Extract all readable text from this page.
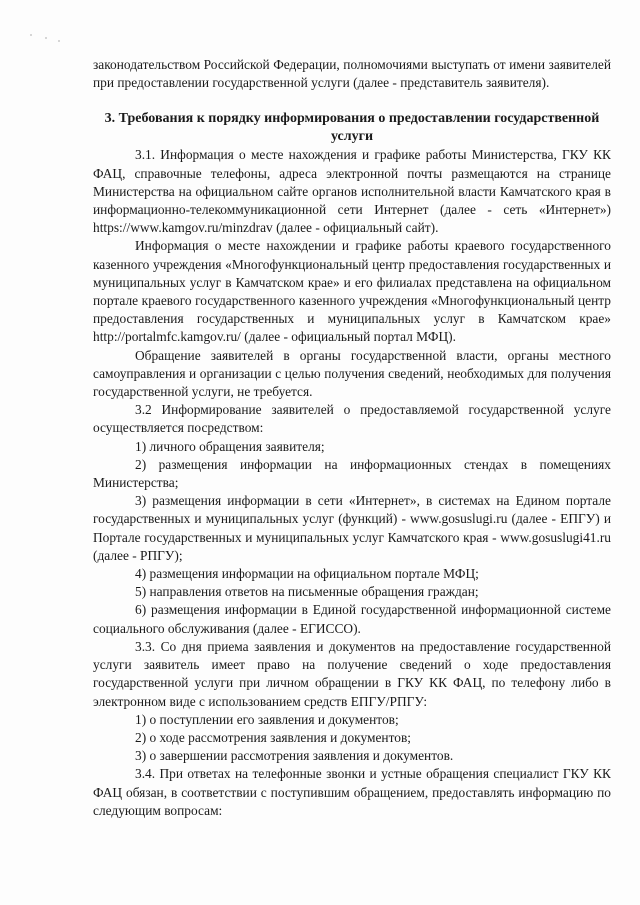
законодательством Российской Федерации, полномочиями выступать от имени заявителей при предоставлении государственной услуги (далее - представитель заявителя).

3. Требования к порядку информирования о предоставлении государственной услуги

3.1. Информация о месте нахождения и графике работы Министерства, ГКУ КК ФАЦ, справочные телефоны, адреса электронной почты размещаются на странице Министерства на официальном сайте органов исполнительной власти Камчатского края в информационно-телекоммуникационной сети Интернет (далее - сеть «Интернет») https://www.kamgov.ru/minzdrav (далее - официальный сайт).

Информация о месте нахождении и графике работы краевого государственного казенного учреждения «Многофункциональный центр предоставления государственных и муниципальных услуг в Камчатском крае» и его филиалах представлена на официальном портале краевого государственного казенного учреждения «Многофункциональный центр предоставления государственных и муниципальных услуг в Камчатском крае» http://portalmfc.kamgov.ru/ (далее - официальный портал МФЦ).

Обращение заявителей в органы государственной власти, органы местного самоуправления и организации с целью получения сведений, необходимых для получения государственной услуги, не требуется.

3.2 Информирование заявителей о предоставляемой государственной услуге осуществляется посредством:

1) личного обращения заявителя;

2) размещения информации на информационных стендах в помещениях Министерства;

3) размещения информации в сети «Интернет», в системах на Едином портале государственных и муниципальных услуг (функций) - www.gosuslugi.ru (далее - ЕПГУ) и Портале государственных и муниципальных услуг Камчатского края - www.gosuslugi41.ru (далее - РПГУ);

4) размещения информации на официальном портале МФЦ;

5) направления ответов на письменные обращения граждан;

6) размещения информации в Единой государственной информационной системе социального обслуживания (далее - ЕГИССО).

3.3. Со дня приема заявления и документов на предоставление государственной услуги заявитель имеет право на получение сведений о ходе предоставления государственной услуги при личном обращении в ГКУ КК ФАЦ, по телефону либо в электронном виде с использованием средств ЕПГУ/РПГУ:

1) о поступлении его заявления и документов;

2) о ходе рассмотрения заявления и документов;

3) о завершении рассмотрения заявления и документов.

3.4. При ответах на телефонные звонки и устные обращения специалист ГКУ КК ФАЦ обязан, в соответствии с поступившим обращением, предоставлять информацию по следующим вопросам:
